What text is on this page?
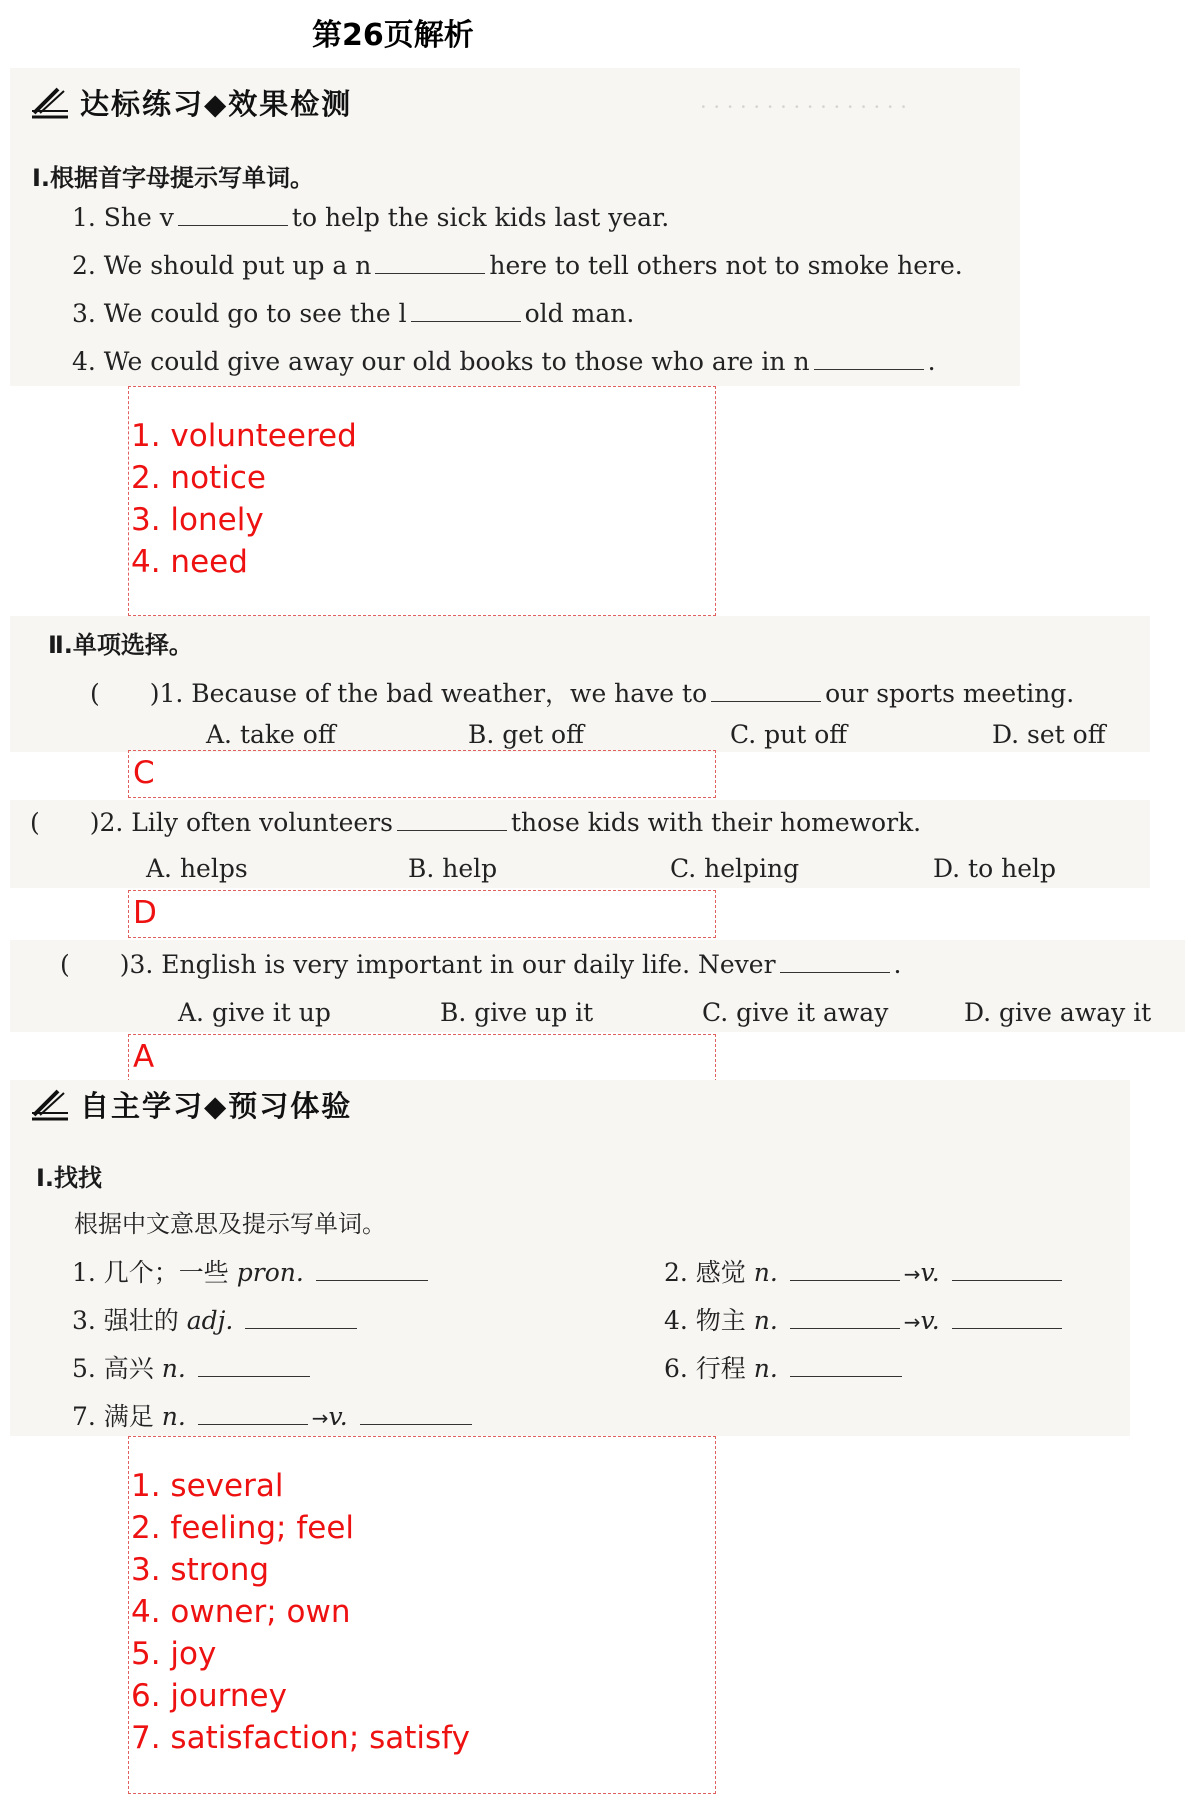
第26页解析
· · · · · · · · · · · · · · · ·
达标练习◆效果检测
Ⅰ.根据首字母提示写单词。
1. She v	to help the sick kids last year.
2. We should put up a n	here to tell others not to smoke here.
3. We could go to see the l	old man.
4. We could give away our old books to those who are in n	.
1. volunteered
2. notice
3. lonely
4. need
Ⅱ.单项选择。
(  )1. Because of the bad weather，we have to	our sports meeting.
A. take off	B. get off	C. put off	D. set off
C
(  )2. Lily often volunteers	those kids with their homework.
A. helps	B. help	C. helping	D. to help
D
(  )3. English is very important in our daily life. Never	.
A. give it up	B. give up it	C. give it away	D. give away it
A
自主学习◆预习体验
Ⅰ.找找
根据中文意思及提示写单词。
1. 几个；一些 pron.	2. 感觉 n.	→v.
3. 强壮的 adj.	4. 物主 n.	→v.
5. 高兴 n.	6. 行程 n.
7. 满足 n.	→v.
1. several
2. feeling; feel
3. strong
4. owner; own
5. joy
6. journey
7. satisfaction; satisfy
